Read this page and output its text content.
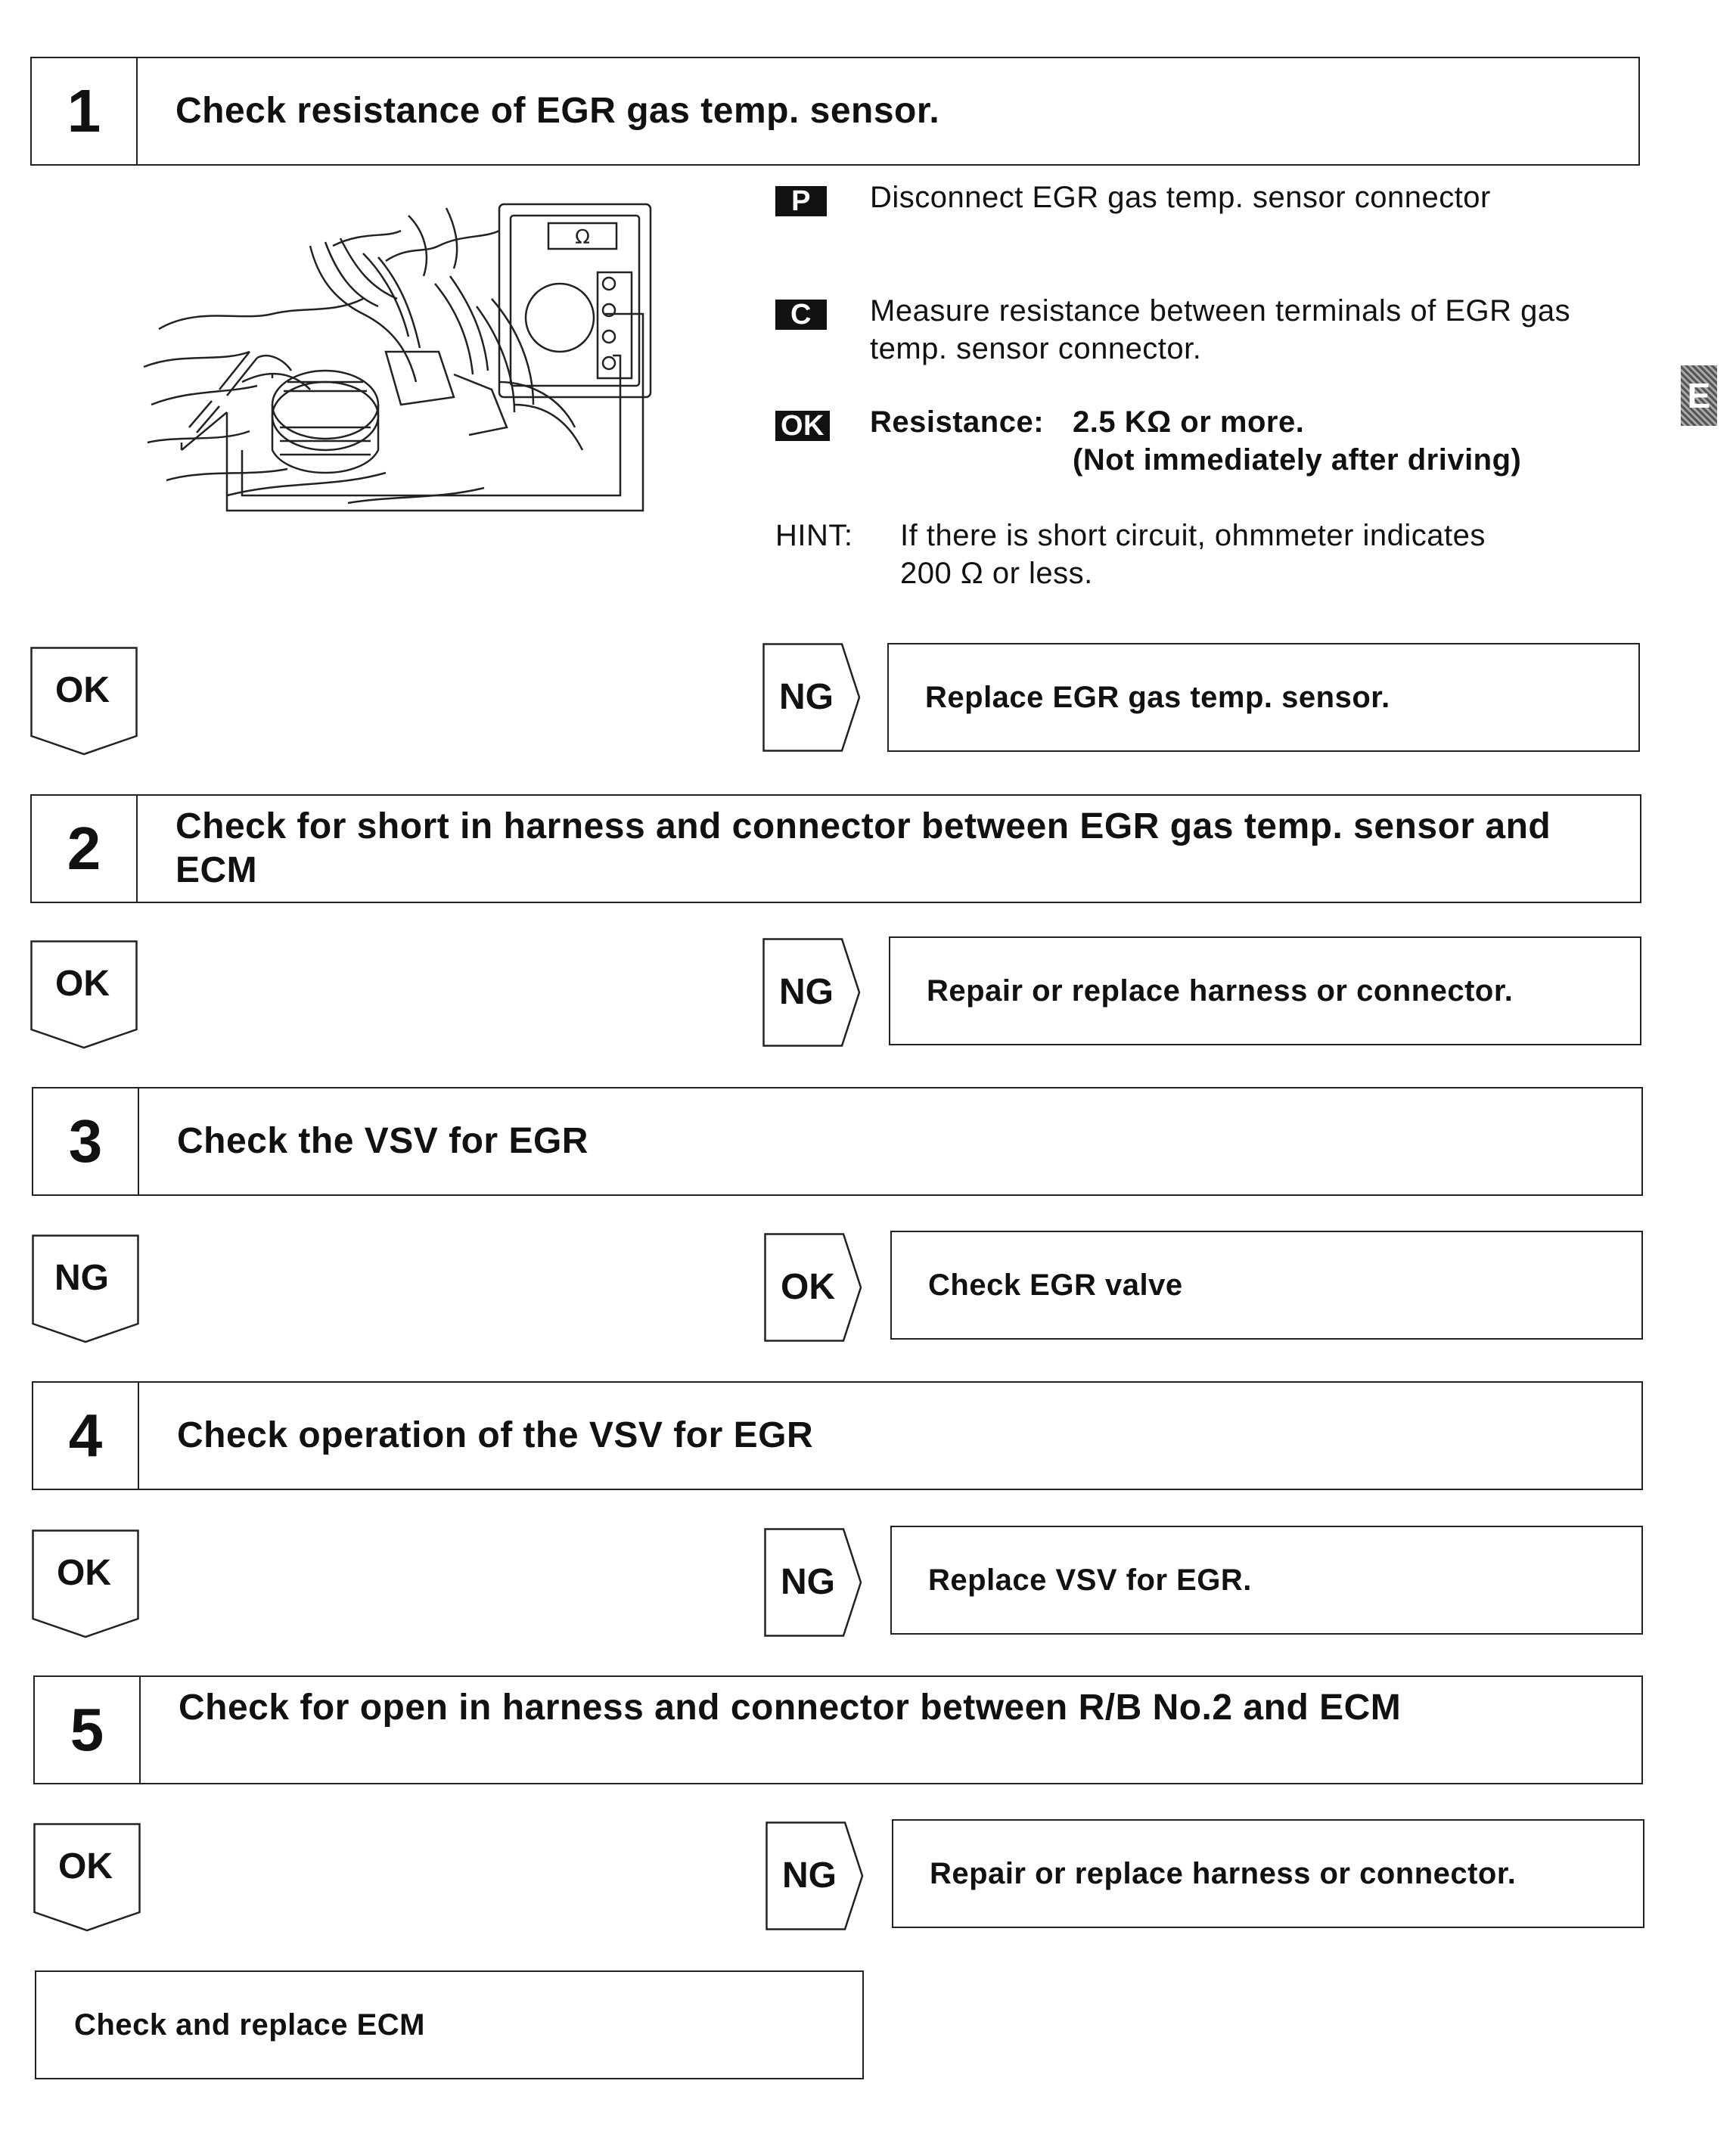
1	Check resistance of EGR gas temp. sensor.
Ω
P	Disconnect EGR gas temp. sensor connector
C	Measure resistance between terminals of EGR gas
temp. sensor connector.
OK Resistance: 2.5 KΩ or more.
(Not immediately after driving)
HINT: If there is short circuit, ohmmeter indicates
200 Ω or less.
E
OK	NG	Replace EGR gas temp. sensor.
2	Check for short in harness and connector between EGR gas temp. sensor and ECM
OK	NG	Repair or replace harness or connector.
3	Check the VSV for EGR
NG	OK	Check EGR valve
4	Check operation of the VSV for EGR
OK	NG	Replace VSV for EGR.
5	Check for open in harness and connector between R/B No.2 and ECM
OK	NG	Repair or replace harness or connector.
Check and replace ECM
